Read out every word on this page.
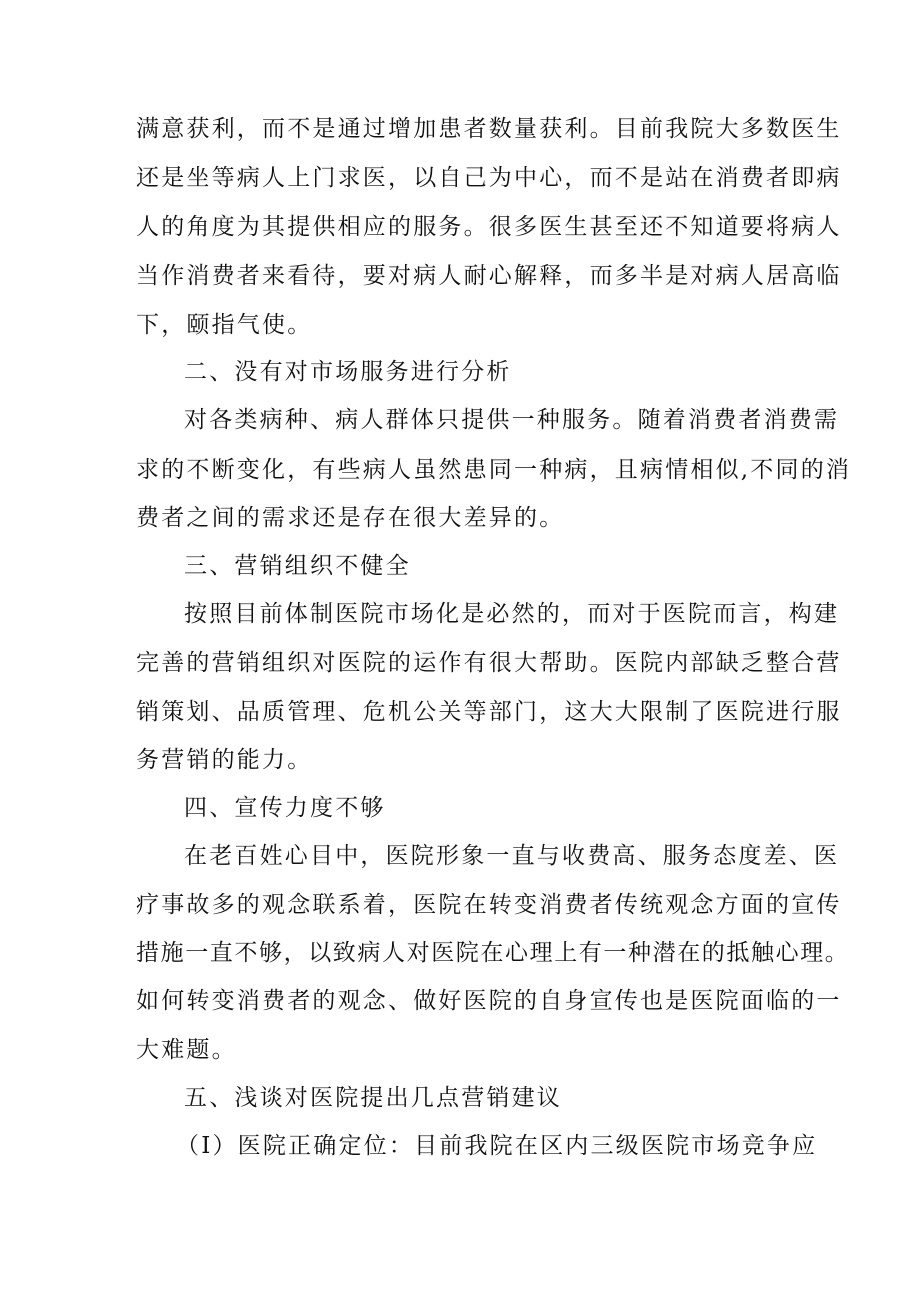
满意获利，而不是通过增加患者数量获利。目前我院大多数医生
还是坐等病人上门求医，以自己为中心，而不是站在消费者即病
人的角度为其提供相应的服务。很多医生甚至还不知道要将病人
当作消费者来看待，要对病人耐心解释，而多半是对病人居高临
下，颐指气使。
二、没有对市场服务进行分析
对各类病种、病人群体只提供一种服务。随着消费者消费需
求的不断变化，有些病人虽然患同一种病，且病情相似,不同的消
费者之间的需求还是存在很大差异的。
三、营销组织不健全
按照目前体制医院市场化是必然的，而对于医院而言，构建
完善的营销组织对医院的运作有很大帮助。医院内部缺乏整合营
销策划、品质管理、危机公关等部门，这大大限制了医院进行服
务营销的能力。
四、宣传力度不够
在老百姓心目中，医院形象一直与收费高、服务态度差、医
疗事故多的观念联系着，医院在转变消费者传统观念方面的宣传
措施一直不够，以致病人对医院在心理上有一种潜在的抵触心理。
如何转变消费者的观念、做好医院的自身宣传也是医院面临的一
大难题。
五、浅谈对医院提出几点营销建议
（I）医院正确定位：目前我院在区内三级医院市场竞争应
